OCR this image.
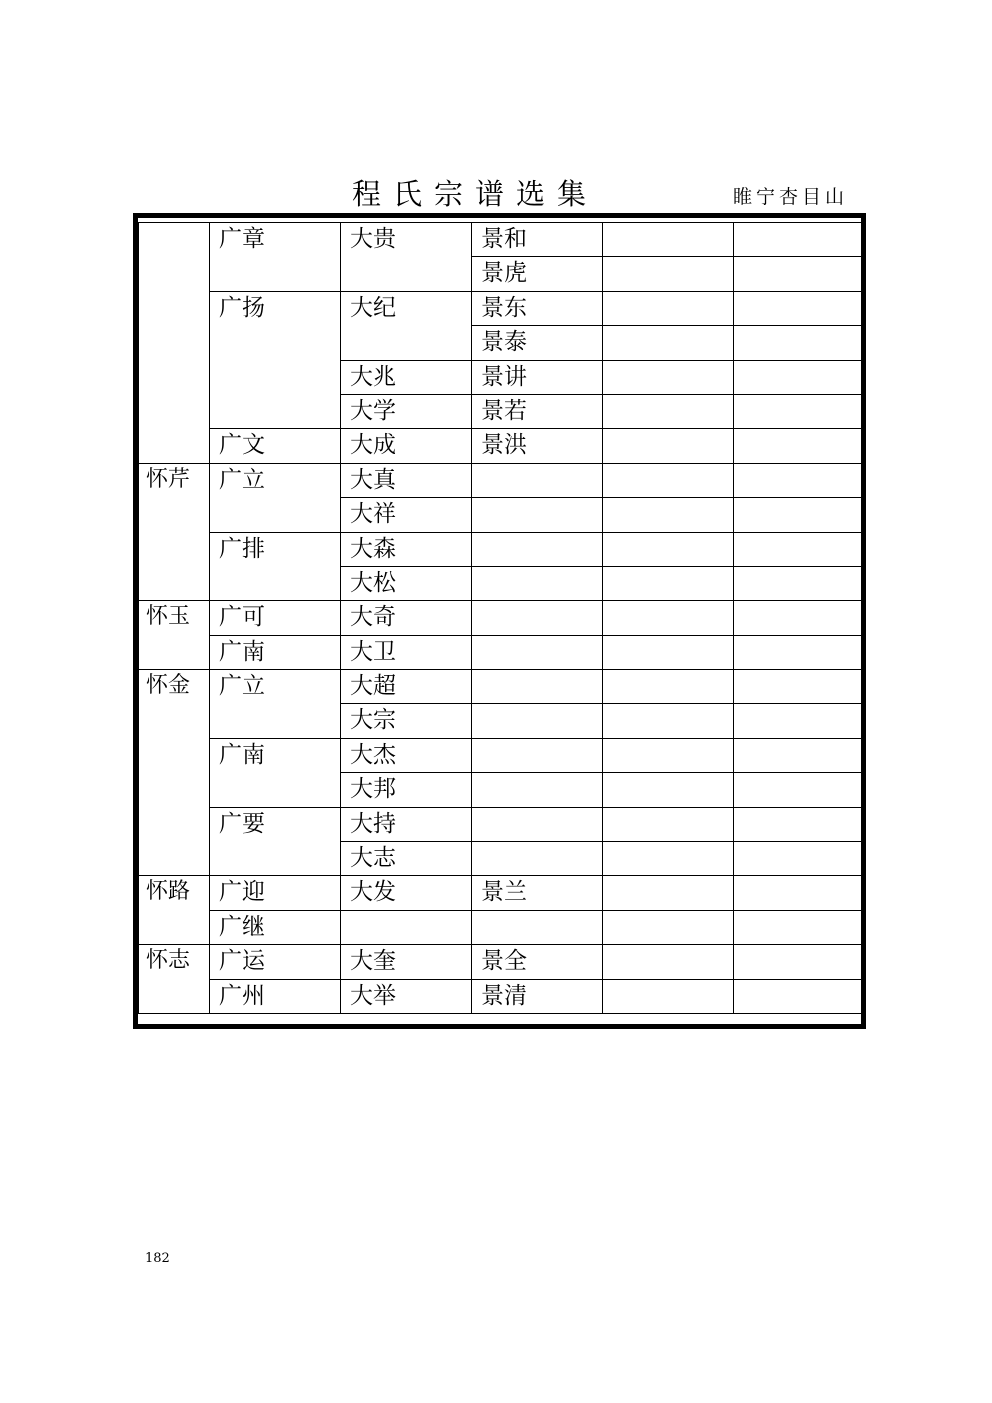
程氏宗谱选集	睢宁杏目山
	广章	大贵	景和		
			景虎		
	广扬	大纪	景东		
			景泰		
		大兆	景讲		
		大学	景若		
	广文	大成	景洪		
怀芹	广立	大真			
		大祥			
	广排	大森			
		大松			
怀玉	广可	大奇			
	广南	大卫			
怀金	广立	大超			
		大宗			
	广南	大杰			
		大邦			
	广要	大持			
		大志			
怀路	广迎	大发	景兰		
	广继				
怀志	广运	大奎	景全		
	广州	大举	景清		
182
